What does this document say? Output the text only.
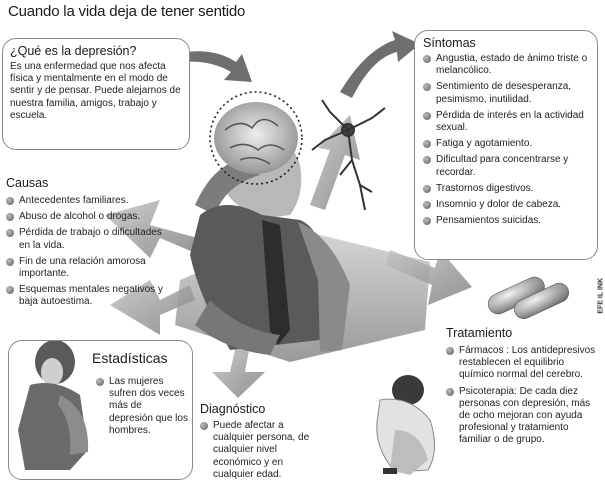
Cuando la vida deja de tener sentido
¿Qué es la depresión?
Es una enfermedad que nos afecta física y mentalmente en el modo de sentir y de pensar. Puede alejarnos de nuestra familia, amigos, trabajo y escuela.
Síntomas
Angustia, estado de ánimo triste o melancólico.
Sentimiento de desesperanza, pesimismo, inutilidad.
Pérdida de interés en la actividad sexual.
Fatiga y agotamiento.
Dificultad para concentrarse y recordar.
Trastornos digestivos.
Insomnio y dolor de cabeza.
Pensamientos suicidas.
Causas
Antecedentes familiares.
Abuso de alcohol o drogas.
Pérdida de trabajo o dificultades en la vida.
Fin de una relación amorosa importante.
Esquemas mentales negativos y baja autoestima.
Estadísticas
Las mujeres sufren dos veces más de depresión que los hombres.
Diagnóstico
Puede afectar a cualquier persona, de cualquier nivel económico y en cualquier edad.
Tratamiento
Fármacos : Los antidepresivos restablecen el equilibrio químico normal del cerebro.
Psicoterapia: De cada diez personas con depresión, más de ocho mejoran con ayuda profesional y tratamiento familiar o de grupo.
EFE IL INK
